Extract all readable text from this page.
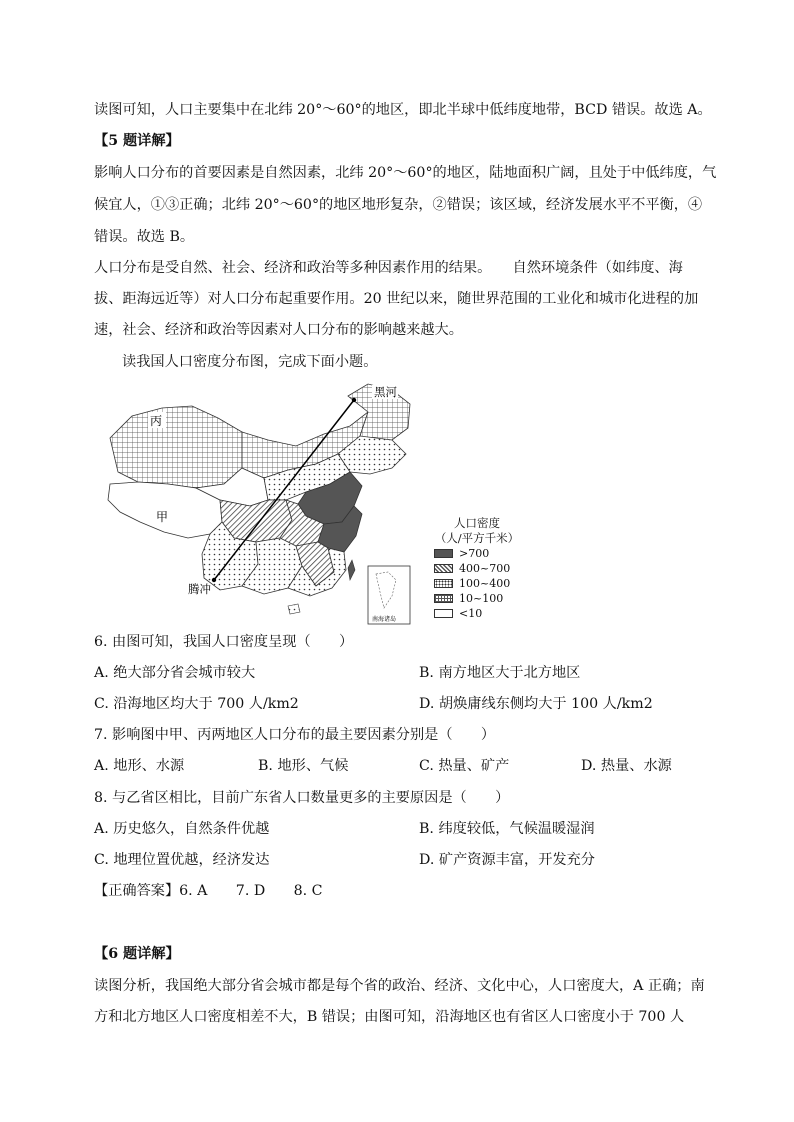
读图可知，人口主要集中在北纬 20°～60°的地区，即北半球中低纬度地带，BCD 错误。故选 A。
【5 题详解】
影响人口分布的首要因素是自然因素，北纬 20°～60°的地区，陆地面积广阔，且处于中低纬度，气
候宜人，①③正确；北纬 20°～60°的地区地形复杂，②错误；该区域，经济发展水平不平衡，④
错误。故选 B。
人口分布是受自然、社会、经济和政治等多种因素作用的结果。　　自然环境条件（如纬度、海
拔、距海远近等）对人口分布起重要作用。20 世纪以来，随世界范围的工业化和城市化进程的加
速，社会、经济和政治等因素对人口分布的影响越来越大。
读我国人口密度分布图，完成下面小题。
黑河
腾冲
丙
甲
南海诸岛
人口密度
（人/平方千米）
>700
400~700
100~400
10~100
<10
6. 由图可知，我国人口密度呈现（　　）
A. 绝大部分省会城市较大	B. 南方地区大于北方地区
C. 沿海地区均大于 700 人/km2	D. 胡焕庸线东侧均大于 100 人/km2
7. 影响图中甲、丙两地区人口分布的最主要因素分别是（　　）
A. 地形、水源	B. 地形、气候	C. 热量、矿产	D. 热量、水源
8. 与乙省区相比，目前广东省人口数量更多的主要原因是（　　）
A. 历史悠久，自然条件优越	B. 纬度较低，气候温暖湿润
C. 地理位置优越，经济发达	D. 矿产资源丰富，开发充分
【正确答案】6. A　　7. D　　8. C
【6 题详解】
读图分析，我国绝大部分省会城市都是每个省的政治、经济、文化中心，人口密度大，A 正确；南
方和北方地区人口密度相差不大，B 错误；由图可知，沿海地区也有省区人口密度小于 700 人
